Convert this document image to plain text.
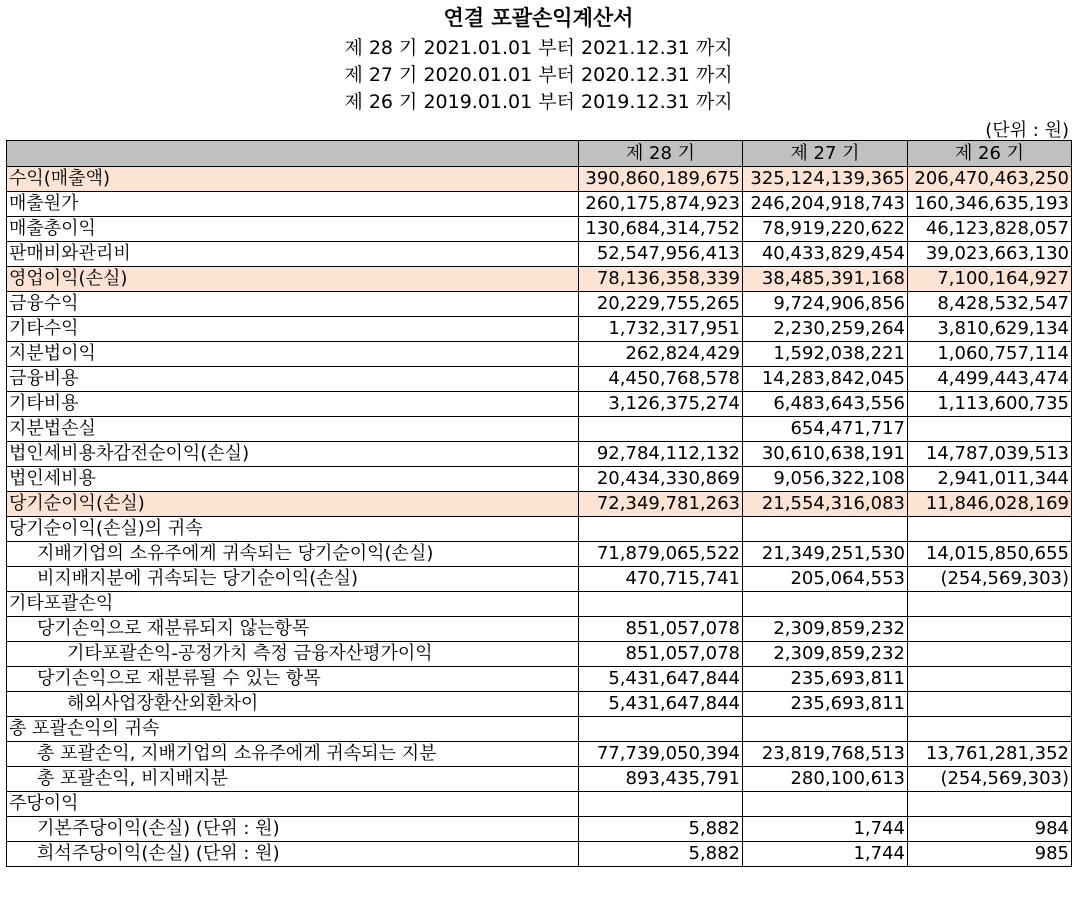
연결 포괄손익계산서
제 28 기 2021.01.01 부터 2021.12.31 까지
제 27 기 2020.01.01 부터 2020.12.31 까지
제 26 기 2019.01.01 부터 2019.12.31 까지
(단위 : 원)
	제 28 기	제 27 기	제 26 기
수익(매출액)	390,860,189,675	325,124,139,365	206,470,463,250
매출원가	260,175,874,923	246,204,918,743	160,346,635,193
매출총이익	130,684,314,752	78,919,220,622	46,123,828,057
판매비와관리비	52,547,956,413	40,433,829,454	39,023,663,130
영업이익(손실)	78,136,358,339	38,485,391,168	7,100,164,927
금융수익	20,229,755,265	9,724,906,856	8,428,532,547
기타수익	1,732,317,951	2,230,259,264	3,810,629,134
지분법이익	262,824,429	1,592,038,221	1,060,757,114
금융비용	4,450,768,578	14,283,842,045	4,499,443,474
기타비용	3,126,375,274	6,483,643,556	1,113,600,735
지분법손실		654,471,717	
법인세비용차감전순이익(손실)	92,784,112,132	30,610,638,191	14,787,039,513
법인세비용	20,434,330,869	9,056,322,108	2,941,011,344
당기순이익(손실)	72,349,781,263	21,554,316,083	11,846,028,169
당기순이익(손실)의 귀속			
지배기업의 소유주에게 귀속되는 당기순이익(손실)	71,879,065,522	21,349,251,530	14,015,850,655
비지배지분에 귀속되는 당기순이익(손실)	470,715,741	205,064,553	(254,569,303)
기타포괄손익			
당기손익으로 재분류되지 않는항목	851,057,078	2,309,859,232	
기타포괄손익-공정가치 측정 금융자산평가이익	851,057,078	2,309,859,232	
당기손익으로 재분류될 수 있는 항목	5,431,647,844	235,693,811	
해외사업장환산외환차이	5,431,647,844	235,693,811	
총 포괄손익의 귀속			
총 포괄손익, 지배기업의 소유주에게 귀속되는 지분	77,739,050,394	23,819,768,513	13,761,281,352
총 포괄손익, 비지배지분	893,435,791	280,100,613	(254,569,303)
주당이익			
기본주당이익(손실) (단위 : 원)	5,882	1,744	984
희석주당이익(손실) (단위 : 원)	5,882	1,744	985
